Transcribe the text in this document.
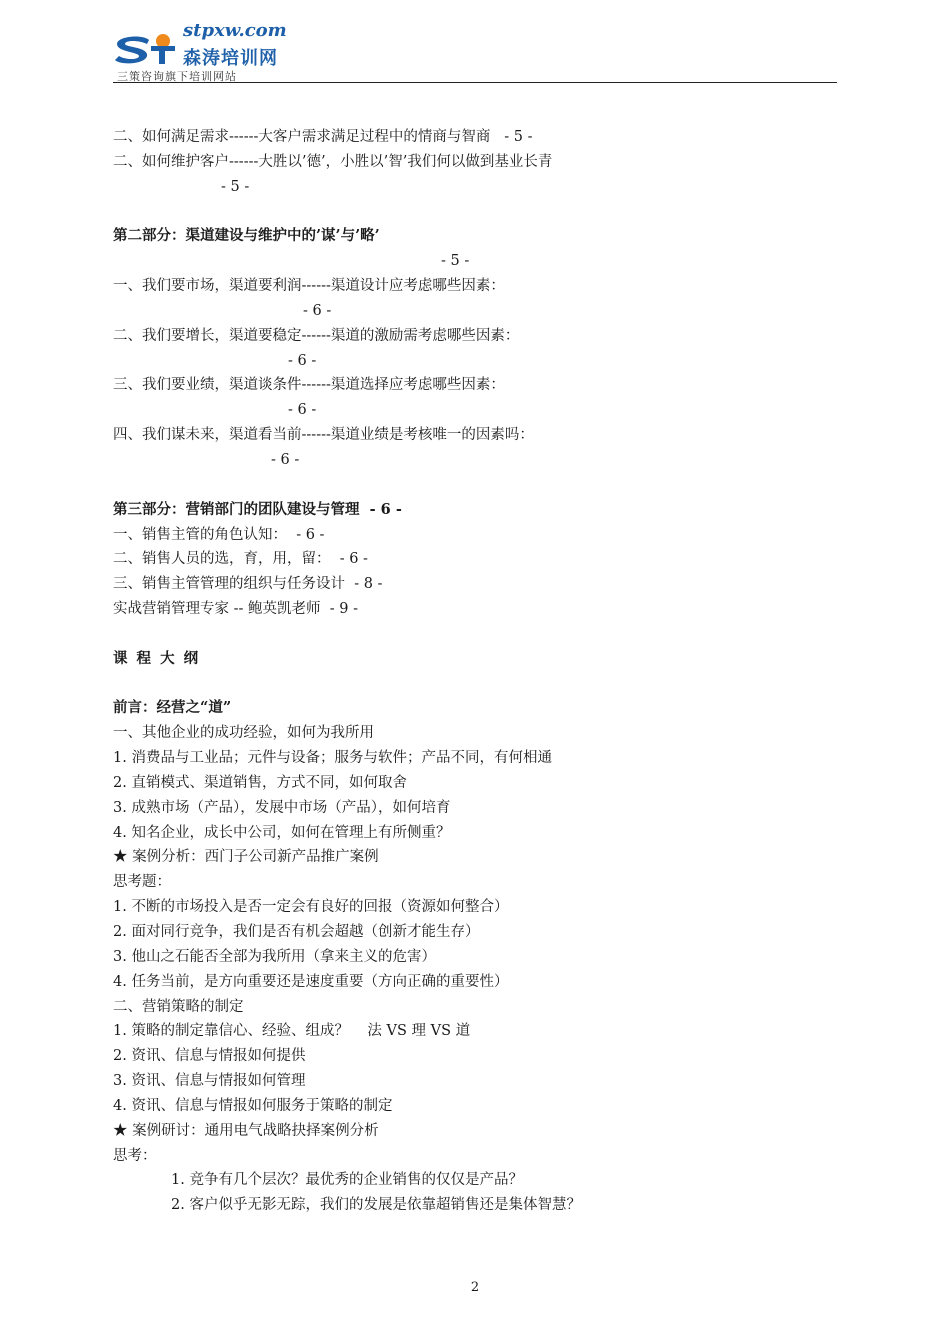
stpxw.com
森涛培训网
三策咨询旗下培训网站
二、如何满足需求------大客户需求满足过程中的情商与智商 - 5 -
二、如何维护客户------大胜以’德’，小胜以’智’我们何以做到基业长青
- 5 -
第二部分：渠道建设与维护中的’谋’与’略’
- 5 -
一、我们要市场，渠道要利润------渠道设计应考虑哪些因素：
- 6 -
二、我们要增长，渠道要稳定------渠道的激励需考虑哪些因素：
- 6 -
三、我们要业绩，渠道谈条件------渠道选择应考虑哪些因素：
- 6 -
四、我们谋未来，渠道看当前------渠道业绩是考核唯一的因素吗：
- 6 -
第三部分：营销部门的团队建设与管理 - 6 -
一、销售主管的角色认知： - 6 -
二、销售人员的选，育，用，留： - 6 -
三、销售主管管理的组织与任务设计 - 8 -
实战营销管理专家 -- 鲍英凯老师 - 9 -
课 程 大 纲
前言：经营之“道”
一、其他企业的成功经验，如何为我所用
1. 消费品与工业品；元件与设备；服务与软件；产品不同，有何相通
2. 直销模式、渠道销售，方式不同，如何取舍
3. 成熟市场（产品），发展中市场（产品），如何培育
4. 知名企业，成长中公司，如何在管理上有所侧重？
★ 案例分析：西门子公司新产品推广案例
思考题：
1. 不断的市场投入是否一定会有良好的回报（资源如何整合）
2. 面对同行竞争，我们是否有机会超越（创新才能生存）
3. 他山之石能否全部为我所用（拿来主义的危害）
4. 任务当前，是方向重要还是速度重要（方向正确的重要性）
二、营销策略的制定
1. 策略的制定靠信心、经验、组成？    法 VS 理 VS 道
2. 资讯、信息与情报如何提供
3. 资讯、信息与情报如何管理
4. 资讯、信息与情报如何服务于策略的制定
★ 案例研讨：通用电气战略抉择案例分析
思考：
1. 竞争有几个层次？最优秀的企业销售的仅仅是产品？
2. 客户似乎无影无踪，我们的发展是依靠超销售还是集体智慧？
2
